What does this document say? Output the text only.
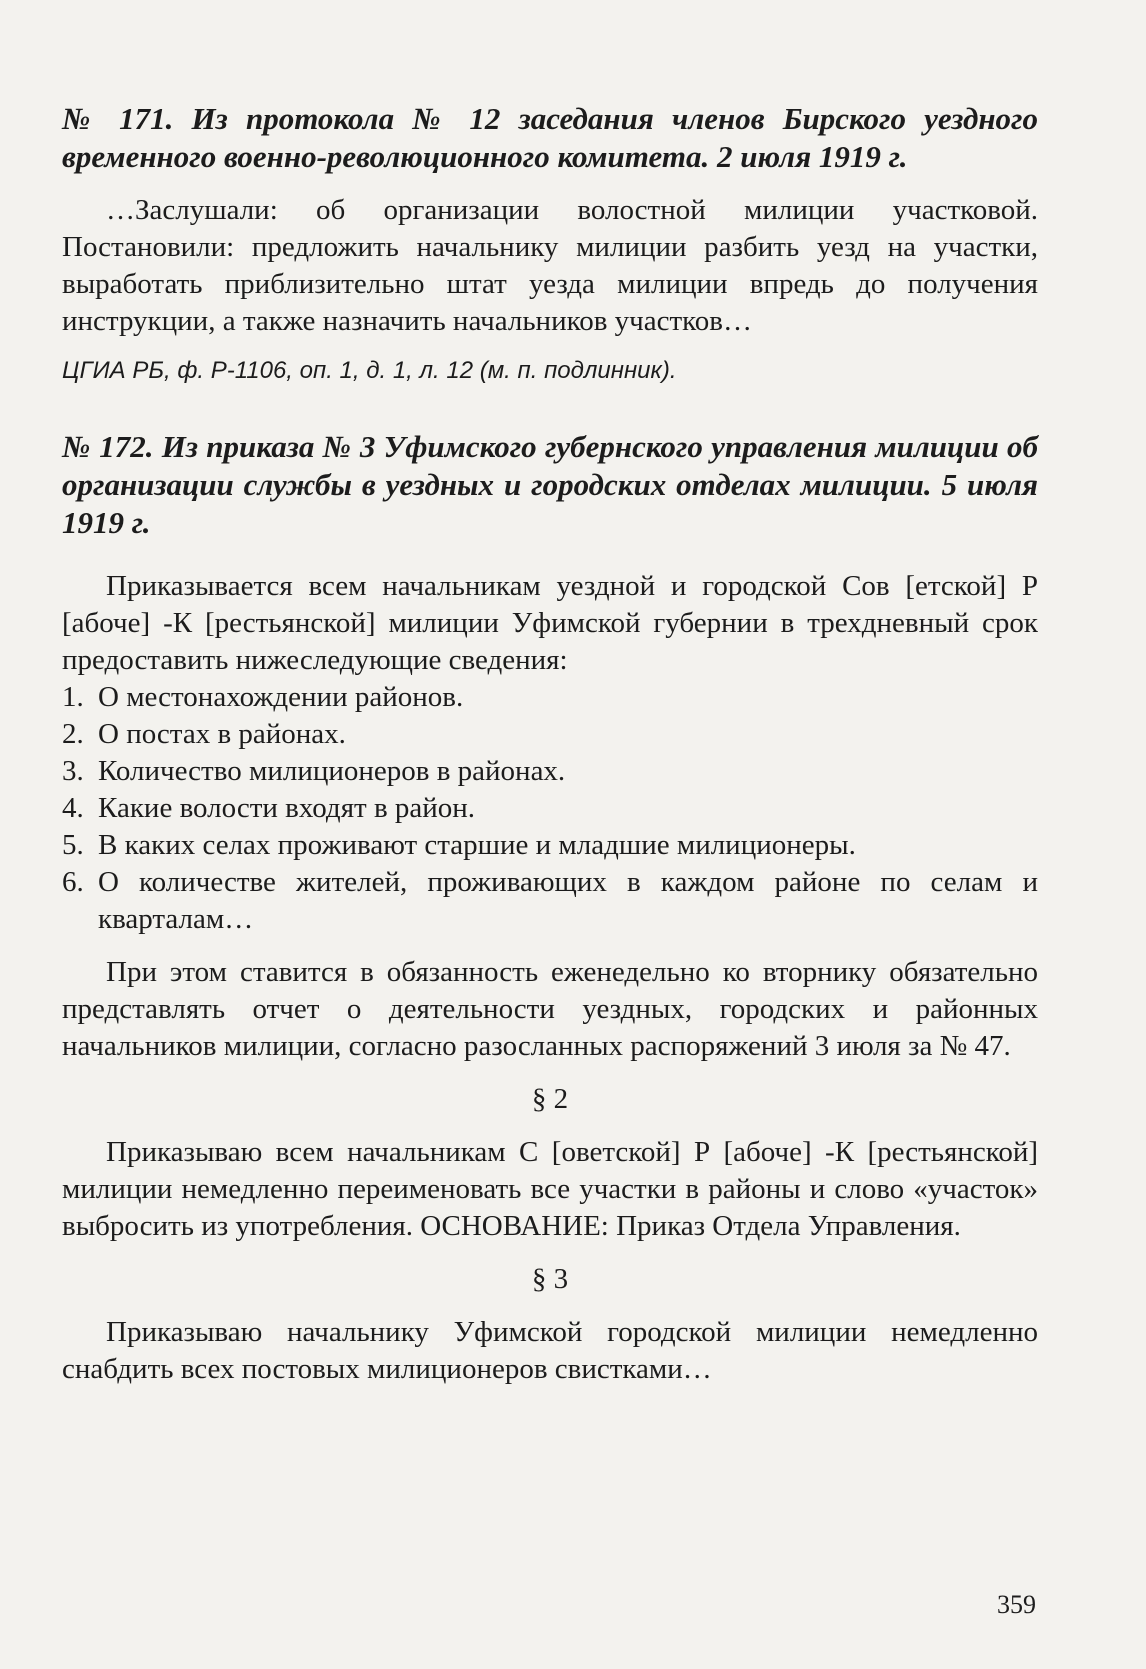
№ 171. Из протокола № 12 заседания членов Бирского уездного временного военно-революционного комитета. 2 июля 1919 г.

…Заслушали: об организации волостной милиции участковой. Постановили: предложить начальнику милиции разбить уезд на участки, выработать приблизительно штат уезда милиции впредь до получения инструкции, а также назначить начальников участков…

ЦГИА РБ, ф. Р-1106, оп. 1, д. 1, л. 12 (м. п. подлинник).

№ 172. Из приказа № 3 Уфимского губернского управления милиции об организации службы в уездных и городских отделах милиции. 5 июля 1919 г.

Приказывается всем начальникам уездной и городской Сов [етской] Р [абоче] -К [рестьянской] милиции Уфимской губернии в трехдневный срок предоставить нижеследующие сведения:

1. О местонахождении районов.
2. О постах в районах.
3. Количество милиционеров в районах.
4. Какие волости входят в район.
5. В каких селах проживают старшие и младшие милиционеры.
6. О количестве жителей, проживающих в каждом районе по селам и кварталам…

При этом ставится в обязанность еженедельно ко вторнику обязательно представлять отчет о деятельности уездных, городских и районных начальников милиции, согласно разосланных распоряжений 3 июля за № 47.

§ 2

Приказываю всем начальникам С [оветской] Р [абоче] -К [рестьянской] милиции немедленно переименовать все участки в районы и слово «участок» выбросить из употребления. ОСНОВАНИЕ: Приказ Отдела Управления.

§ 3

Приказываю начальнику Уфимской городской милиции немедленно снабдить всех постовых милиционеров свистками…

359
